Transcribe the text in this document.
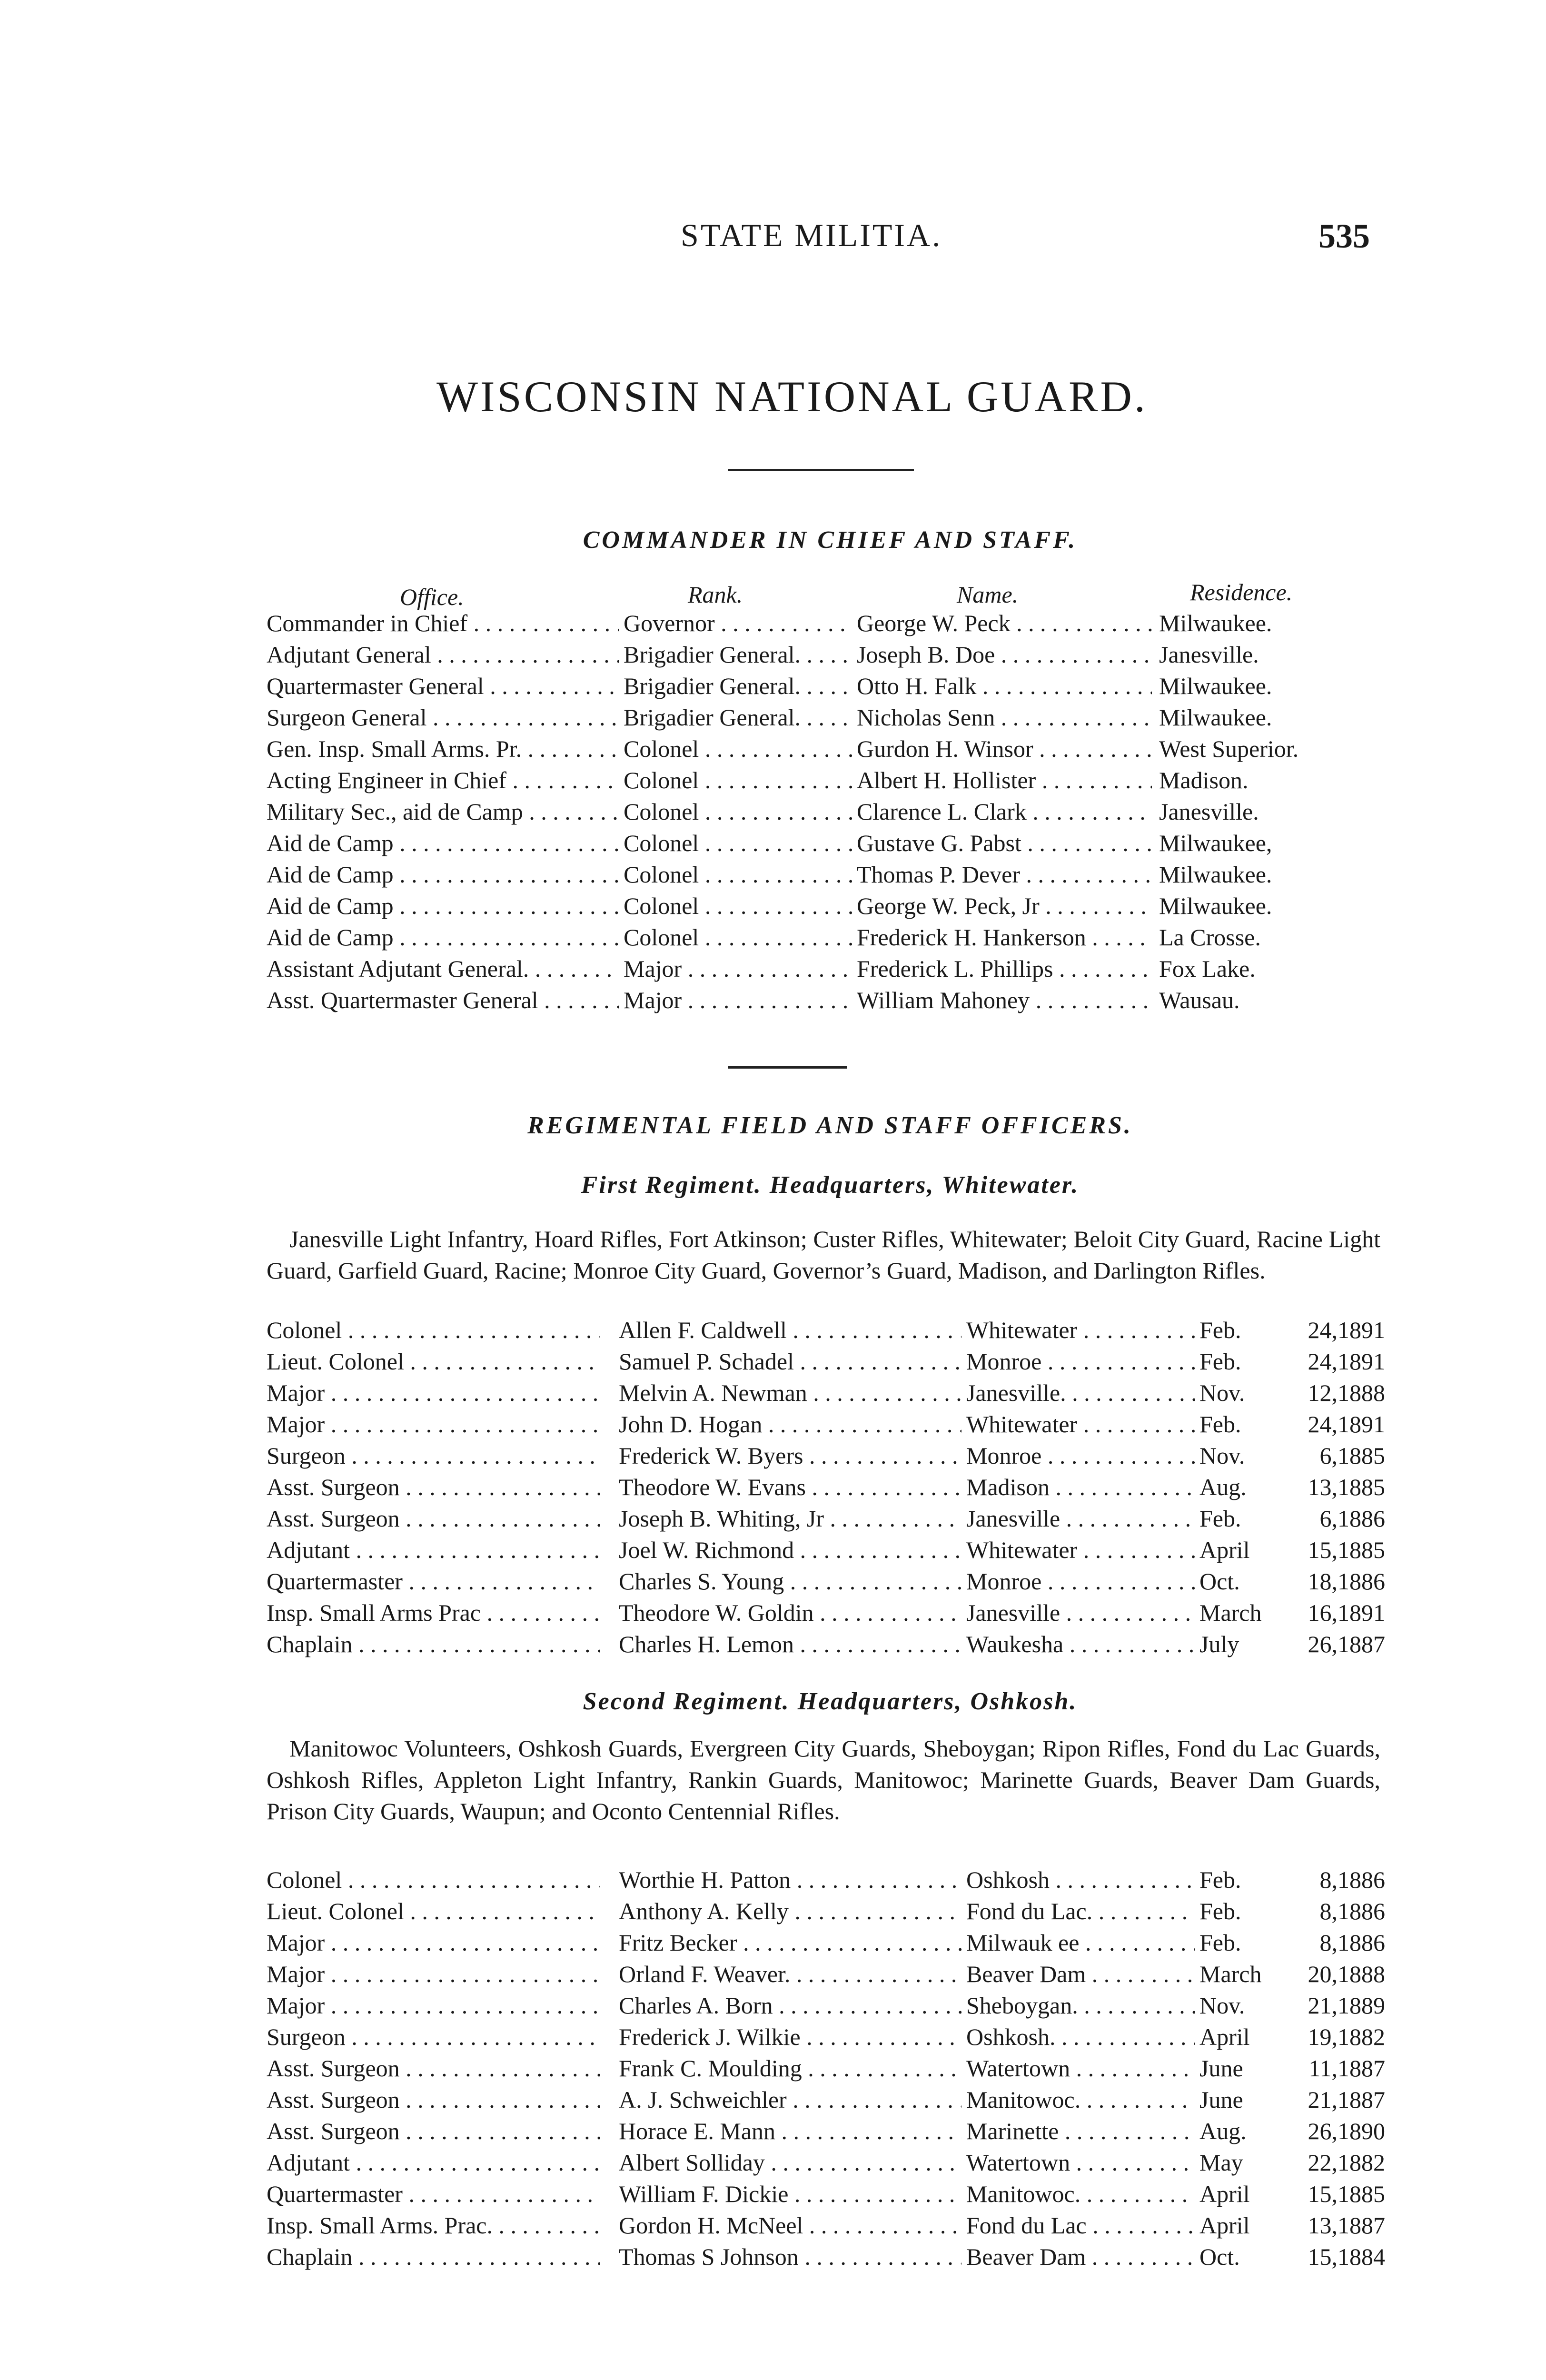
STATE MILITIA.	535
WISCONSIN NATIONAL GUARD.
COMMANDER IN CHIEF AND STAFF.
Office.	Rank.	Name.	Residence.
Commander in Chief . . .	Governor . . .	George W. Peck . . .	Milwaukee.
Adjutant General . . .	Brigadier General. . . .	Joseph B. Doe . . .	Janesville.
Quartermaster General . . .	Brigadier General. . . .	Otto H. Falk . . .	Milwaukee.
Surgeon General . . .	Brigadier General. . . .	Nicholas Senn . . .	Milwaukee.
Gen. Insp. Small Arms. Pr. . . .	Colonel . . .	Gurdon H. Winsor . . .	West Superior.
Acting Engineer in Chief . . .	Colonel . . .	Albert H. Hollister . . .	Madison.
Military Sec., aid de Camp . . .	Colonel . . .	Clarence L. Clark . . .	Janesville.
Aid de Camp . . .	Colonel . . .	Gustave G. Pabst . . .	Milwaukee,
Aid de Camp . . .	Colonel . . .	Thomas P. Dever . . .	Milwaukee.
Aid de Camp . . .	Colonel . . .	George W. Peck, Jr . . .	Milwaukee.
Aid de Camp . . .	Colonel . . .	Frederick H. Hankerson . . .	La Crosse.
Assistant Adjutant General. . . .	Major . . .	Frederick L. Phillips . . .	Fox Lake.
Asst. Quartermaster General . . .	Major . . .	William Mahoney . . .	Wausau.
REGIMENTAL FIELD AND STAFF OFFICERS.
First Regiment. Headquarters, Whitewater.
Janesville Light Infantry, Hoard Rifles, Fort Atkinson; Custer Rifles, Whitewater; Beloit City Guard, Racine Light Guard, Garfield Guard, Racine; Monroe City Guard, Governor’s Guard, Madison, and Darlington Rifles.
Colonel . . .	Allen F. Caldwell . . .	Whitewater . . .	Feb.	24, 1891
Lieut. Colonel . . .	Samuel P. Schadel . . .	Monroe . . .	Feb.	24, 1891
Major . . .	Melvin A. Newman . . .	Janesville. . . .	Nov.	12, 1888
Major . . .	John D. Hogan . . .	Whitewater . . .	Feb.	24, 1891
Surgeon . . .	Frederick W. Byers . . .	Monroe . . .	Nov.	6, 1885
Asst. Surgeon . . .	Theodore W. Evans . . .	Madison . . .	Aug.	13, 1885
Asst. Surgeon . . .	Joseph B. Whiting, Jr . . .	Janesville . . .	Feb.	6, 1886
Adjutant . . .	Joel W. Richmond . . .	Whitewater . . .	April	15, 1885
Quartermaster . . .	Charles S. Young . . .	Monroe . . .	Oct.	18, 1886
Insp. Small Arms Prac . . .	Theodore W. Goldin . . .	Janesville . . .	March	16, 1891
Chaplain . . .	Charles H. Lemon . . .	Waukesha . . .	July	26, 1887
Second Regiment. Headquarters, Oshkosh.
Manitowoc Volunteers, Oshkosh Guards, Evergreen City Guards, Sheboygan; Ripon Rifles, Fond du Lac Guards, Oshkosh Rifles, Appleton Light Infantry, Rankin Guards, Manitowoc; Marinette Guards, Beaver Dam Guards, Prison City Guards, Waupun; and Oconto Centennial Rifles.
Colonel . . .	Worthie H. Patton . . .	Oshkosh . . .	Feb.	8, 1886
Lieut. Colonel . . .	Anthony A. Kelly . . .	Fond du Lac. . . .	Feb.	8, 1886
Major . . .	Fritz Becker . . .	Milwauk ee . . .	Feb.	8, 1886
Major . . .	Orland F. Weaver. . . .	Beaver Dam . . .	March	20, 1888
Major . . .	Charles A. Born . . .	Sheboygan. . . .	Nov.	21, 1889
Surgeon . . .	Frederick J. Wilkie . . .	Oshkosh. . . .	April	19, 1882
Asst. Surgeon . . .	Frank C. Moulding . . .	Watertown . . .	June	11, 1887
Asst. Surgeon . . .	A. J. Schweichler . . .	Manitowoc. . . .	June	21, 1887
Asst. Surgeon . . .	Horace E. Mann . . .	Marinette . . .	Aug.	26, 1890
Adjutant . . .	Albert Solliday . . .	Watertown . . .	May	22, 1882
Quartermaster . . .	William F. Dickie . . .	Manitowoc. . . .	April	15, 1885
Insp. Small Arms. Prac. . . .	Gordon H. McNeel . . .	Fond du Lac . . .	April	13, 1887
Chaplain . . .	Thomas S Johnson . . .	Beaver Dam . . .	Oct.	15, 1884
